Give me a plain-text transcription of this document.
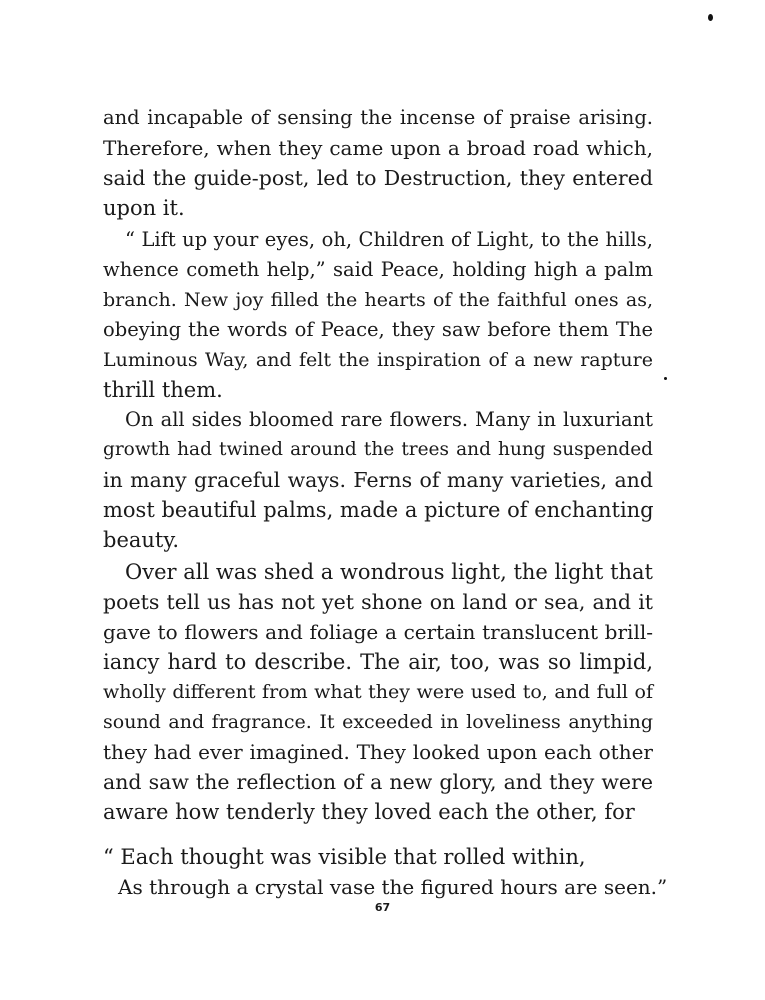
and incapable of sensing the incense of praise arising.
Therefore, when they came upon a broad road which,
said the guide-post, led to Destruction, they entered
upon it.
“ Lift up your eyes, oh, Children of Light, to the hills,
whence cometh help,” said Peace, holding high a palm
branch. New joy filled the hearts of the faithful ones as,
obeying the words of Peace, they saw before them The
Luminous Way, and felt the inspiration of a new rapture
thrill them.
On all sides bloomed rare flowers. Many in luxuriant
growth had twined around the trees and hung suspended
in many graceful ways. Ferns of many varieties, and
most beautiful palms, made a picture of enchanting
beauty.
Over all was shed a wondrous light, the light that
poets tell us has not yet shone on land or sea, and it
gave to flowers and foliage a certain translucent brill-
iancy hard to describe. The air, too, was so limpid,
wholly different from what they were used to, and full of
sound and fragrance. It exceeded in loveliness anything
they had ever imagined. They looked upon each other
and saw the reflection of a new glory, and they were
aware how tenderly they loved each the other, for
“ Each thought was visible that rolled within,
As through a crystal vase the figured hours are seen.”
67
